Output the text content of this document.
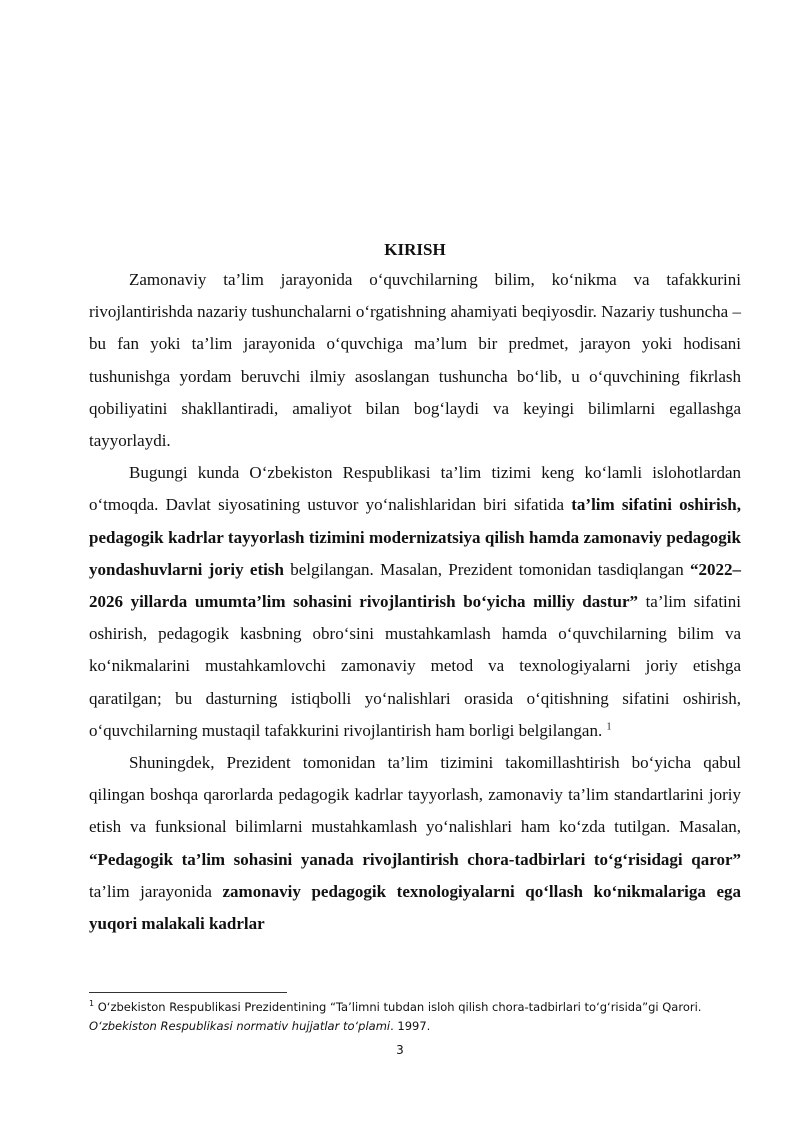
KIRISH

Zamonaviy ta’lim jarayonida o‘quvchilarning bilim, ko‘nikma va tafakkurini rivojlantirishda nazariy tushunchalarni o‘rgatishning ahamiyati beqiyosdir. Nazariy tushuncha – bu fan yoki ta’lim jarayonida o‘quvchiga ma’lum bir predmet, jarayon yoki hodisani tushunishga yordam beruvchi ilmiy asoslangan tushuncha bo‘lib, u o‘quvchining fikrlash qobiliyatini shakllantiradi, amaliyot bilan bog‘laydi va keyingi bilimlarni egallashga tayyorlaydi.

Bugungi kunda O‘zbekiston Respublikasi ta’lim tizimi keng ko‘lamli islohotlardan o‘tmoqda. Davlat siyosatining ustuvor yo‘nalishlaridan biri sifatida ta’lim sifatini oshirish, pedagogik kadrlar tayyorlash tizimini modernizatsiya qilish hamda zamonaviy pedagogik yondashuvlarni joriy etish belgilangan. Masalan, Prezident tomonidan tasdiqlangan “2022–2026 yillarda umumta’lim sohasini rivojlantirish bo‘yicha milliy dastur” ta’lim sifatini oshirish, pedagogik kasbning obro‘sini mustahkamlash hamda o‘quvchilarning bilim va ko‘nikmalarini mustahkamlovchi zamonaviy metod va texnologiyalarni joriy etishga qaratilgan; bu dasturning istiqbolli yo‘nalishlari orasida o‘qitishning sifatini oshirish, o‘quvchilarning mustaqil tafakkurini rivojlantirish ham borligi belgilangan. $^1$

Shuningdek, Prezident tomonidan ta’lim tizimini takomillashtirish bo‘yicha qabul qilingan boshqa qarorlarda pedagogik kadrlar tayyorlash, zamonaviy ta’lim standartlarini joriy etish va funksional bilimlarni mustahkamlash yo‘nalishlari ham ko‘zda tutilgan. Masalan, “Pedagogik ta’lim sohasini yanada rivojlantirish chora-tadbirlari to‘g‘risidagi qaror” ta’lim jarayonida zamonaviy pedagogik texnologiyalarni qo‘llash ko‘nikmalariga ega yuqori malakali kadrlar

$^1$ O‘zbekiston Respublikasi Prezidentining “Ta’limni tubdan isloh qilish chora-tadbirlari to‘g‘risida”gi Qarori. O‘zbekiston Respublikasi normativ hujjatlar to‘plami. 1997.
3
